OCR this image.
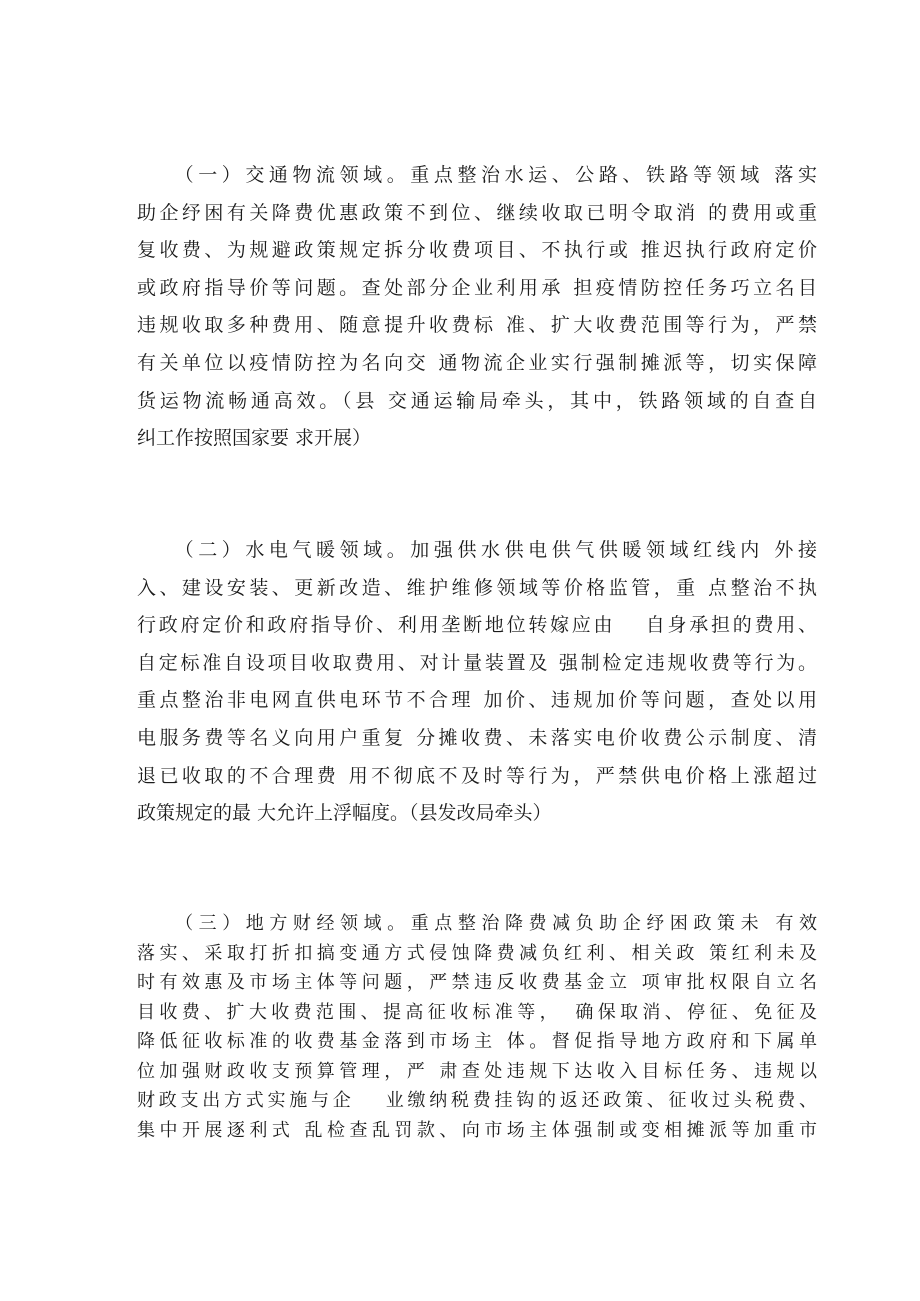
　　（一）交通物流领域。重点整治水运、公路、铁路等领域 落实
助企纾困有关降费优惠政策不到位、继续收取已明令取消 的费用或重
复收费、为规避政策规定拆分收费项目、不执行或 推迟执行政府定价
或政府指导价等问题。查处部分企业利用承 担疫情防控任务巧立名目
违规收取多种费用、随意提升收费标 准、扩大收费范围等行为，严禁
有关单位以疫情防控为名向交 通物流企业实行强制摊派等，切实保障
货运物流畅通高效。（县 交通运输局牵头，其中，铁路领域的自查自
纠工作按照国家要 求开展）
　　（二）水电气暖领域。加强供水供电供气供暖领域红线内 外接
入、建设安装、更新改造、维护维修领域等价格监管，重 点整治不执
行政府定价和政府指导价、利用垄断地位转嫁应由　 自身承担的费用、
自定标准自设项目收取费用、对计量装置及 强制检定违规收费等行为。
重点整治非电网直供电环节不合理 加价、违规加价等问题，查处以用
电服务费等名义向用户重复 分摊收费、未落实电价收费公示制度、清
退已收取的不合理费 用不彻底不及时等行为，严禁供电价格上涨超过
政策规定的最 大允许上浮幅度。（县发改局牵头）
　　（三）地方财经领域。重点整治降费减负助企纾困政策未 有效
落实、采取打折扣搞变通方式侵蚀降费减负红利、相关政 策红利未及
时有效惠及市场主体等问题，严禁违反收费基金立 项审批权限自立名
目收费、扩大收费范围、提高征收标准等，　确保取消、停征、免征及
降低征收标准的收费基金落到市场主 体。督促指导地方政府和下属单
位加强财政收支预算管理，严 肃查处违规下达收入目标任务、违规以
财政支出方式实施与企　 业缴纳税费挂钩的返还政策、征收过头税费、
集中开展逐利式 乱检查乱罚款、向市场主体强制或变相摊派等加重市
